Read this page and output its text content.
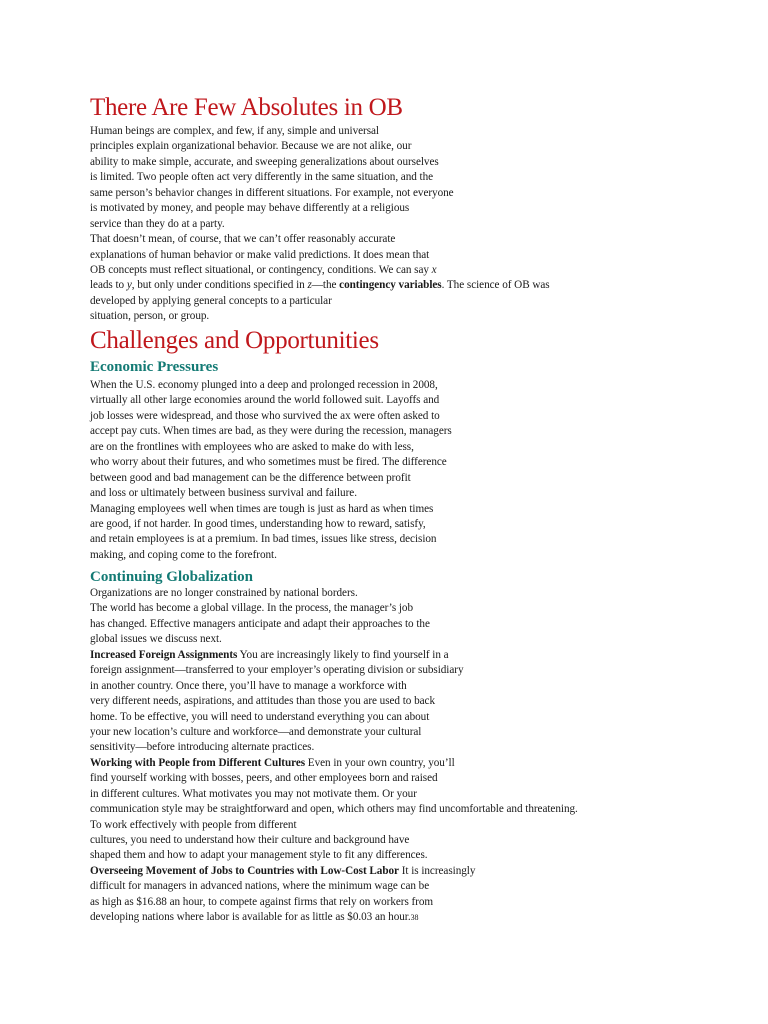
There Are Few Absolutes in OB
Human beings are complex, and few, if any, simple and universal
principles explain organizational behavior. Because we are not alike, our
ability to make simple, accurate, and sweeping generalizations about ourselves
is limited. Two people often act very differently in the same situation, and the
same person’s behavior changes in different situations. For example, not everyone
is motivated by money, and people may behave differently at a religious
service than they do at a party.
That doesn’t mean, of course, that we can’t offer reasonably accurate
explanations of human behavior or make valid predictions. It does mean that
OB concepts must reflect situational, or contingency, conditions. We can say x
leads to y, but only under conditions specified in z—the contingency variables. The science of OB was
developed by applying general concepts to a particular
situation, person, or group.
Challenges and Opportunities
Economic Pressures
When the U.S. economy plunged into a deep and prolonged recession in 2008,
virtually all other large economies around the world followed suit. Layoffs and
job losses were widespread, and those who survived the ax were often asked to
accept pay cuts. When times are bad, as they were during the recession, managers
are on the frontlines with employees who are asked to make do with less,
who worry about their futures, and who sometimes must be fired. The difference
between good and bad management can be the difference between profit
and loss or ultimately between business survival and failure.
Managing employees well when times are tough is just as hard as when times
are good, if not harder. In good times, understanding how to reward, satisfy,
and retain employees is at a premium. In bad times, issues like stress, decision
making, and coping come to the forefront.
Continuing Globalization
Organizations are no longer constrained by national borders.
The world has become a global village. In the process, the manager’s job
has changed. Effective managers anticipate and adapt their approaches to the
global issues we discuss next.
Increased Foreign Assignments You are increasingly likely to find yourself in a
foreign assignment—transferred to your employer’s operating division or subsidiary
in another country. Once there, you’ll have to manage a workforce with
very different needs, aspirations, and attitudes than those you are used to back
home. To be effective, you will need to understand everything you can about
your new location’s culture and workforce—and demonstrate your cultural
sensitivity—before introducing alternate practices.
Working with People from Different Cultures Even in your own country, you’ll
find yourself working with bosses, peers, and other employees born and raised
in different cultures. What motivates you may not motivate them. Or your
communication style may be straightforward and open, which others may find uncomfortable and threatening.
To work effectively with people from different
cultures, you need to understand how their culture and background have
shaped them and how to adapt your management style to fit any differences.
Overseeing Movement of Jobs to Countries with Low-Cost Labor It is increasingly
difficult for managers in advanced nations, where the minimum wage can be
as high as $16.88 an hour, to compete against firms that rely on workers from
developing nations where labor is available for as little as $0.03 an hour.38
